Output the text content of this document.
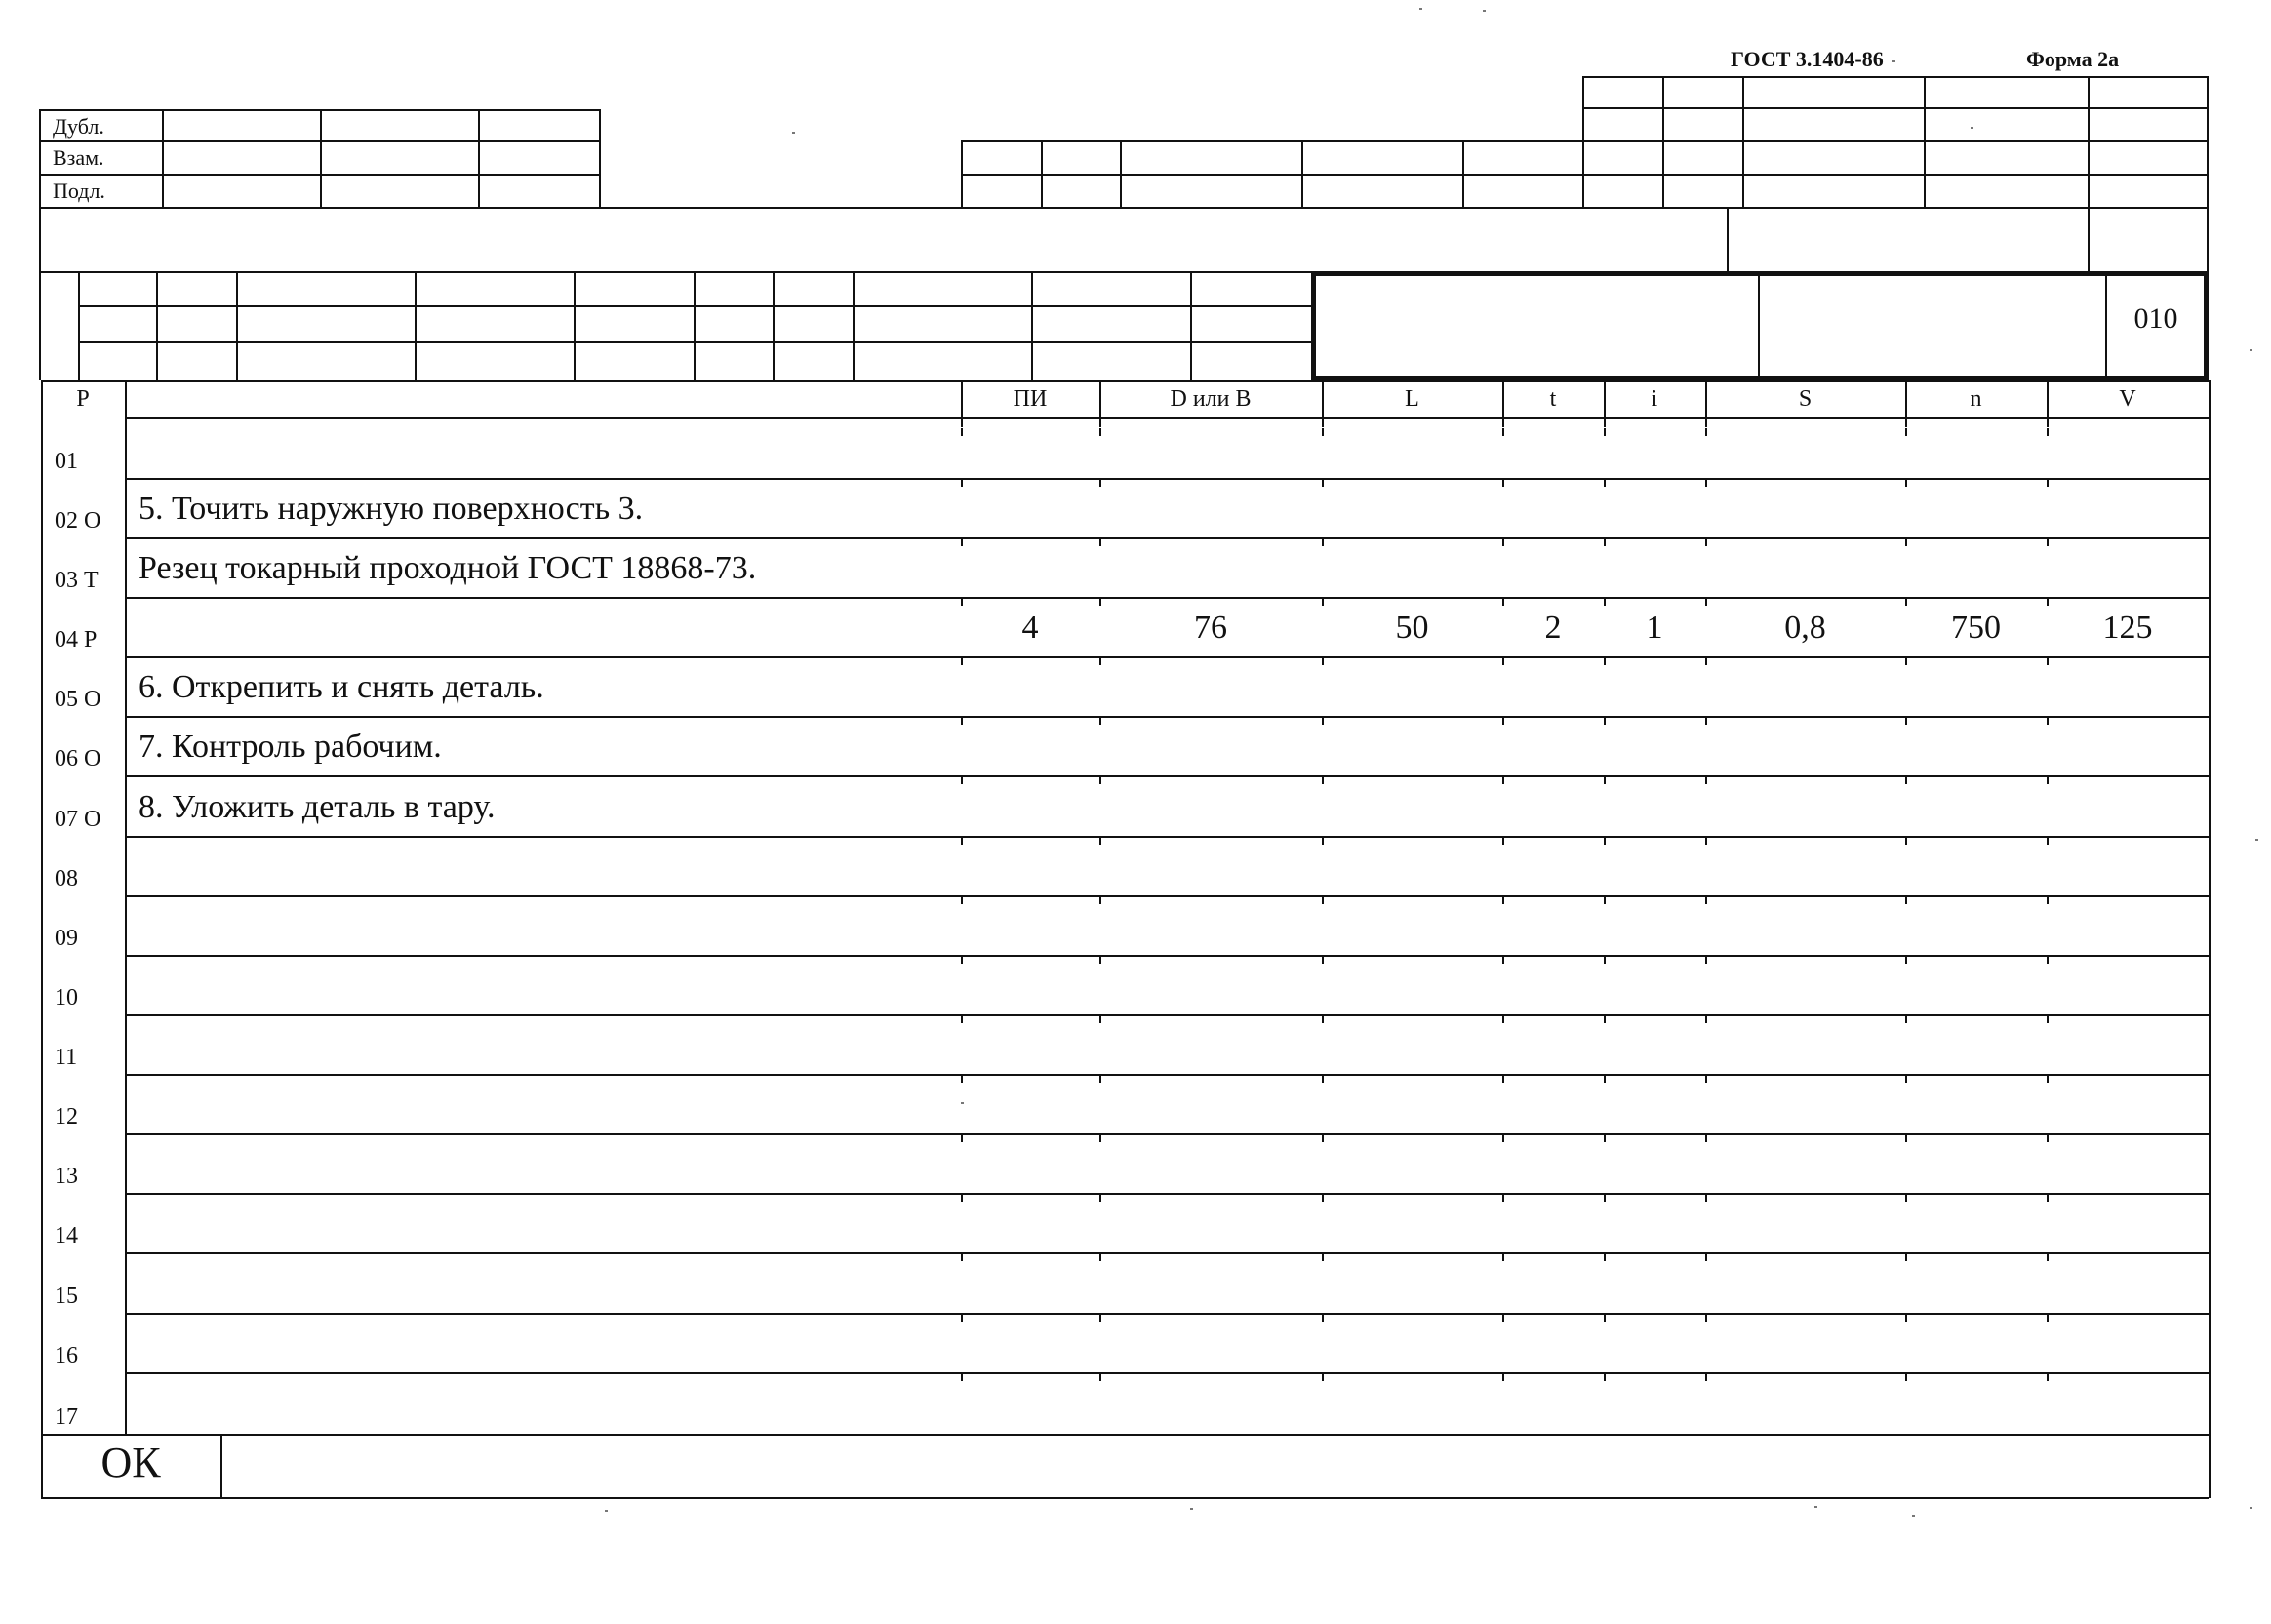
ГОСТ 3.1404-86	Форма 2а
Дубл.
Взам.
Подл.
010
Р	ПИ	D или В	L	t	i	S	n	V
01
02 О 5. Точить наружную поверхность 3.
03 Т Резец токарный проходной ГОСТ 18868-73.
04 Р	4	76	50	2	1	0,8	750	125
05 О 6. Открепить и снять деталь.
06 О 7. Контроль рабочим.
07 О 8. Уложить деталь в тару.
08
09
10
11
12
13
14
15
16
17
ОК
